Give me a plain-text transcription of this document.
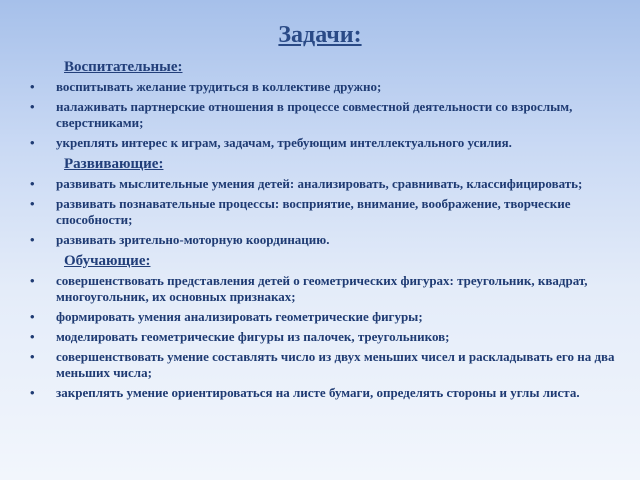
Задачи:
Воспитательные:
•	воспитывать желание трудиться в коллективе дружно;
•	налаживать партнерские отношения в процессе совместной деятельности со взрослым, сверстниками;
•	укреплять интерес к играм, задачам, требующим интеллектуального усилия.
Развивающие:
•	развивать мыслительные умения детей: анализировать, сравнивать, классифицировать;
•	развивать познавательные процессы: восприятие, внимание, воображение, творческие способности;
•	развивать зрительно-моторную координацию.
Обучающие:
•	совершенствовать представления детей о геометрических фигурах: треугольник, квадрат, многоугольник, их основных признаках;
•	формировать умения анализировать геометрические фигуры;
•	моделировать геометрические фигуры из палочек, треугольников;
•	совершенствовать умение составлять число из двух меньших чисел и раскладывать его на два меньших числа;
•	закреплять умение ориентироваться на листе бумаги, определять стороны и углы листа.
